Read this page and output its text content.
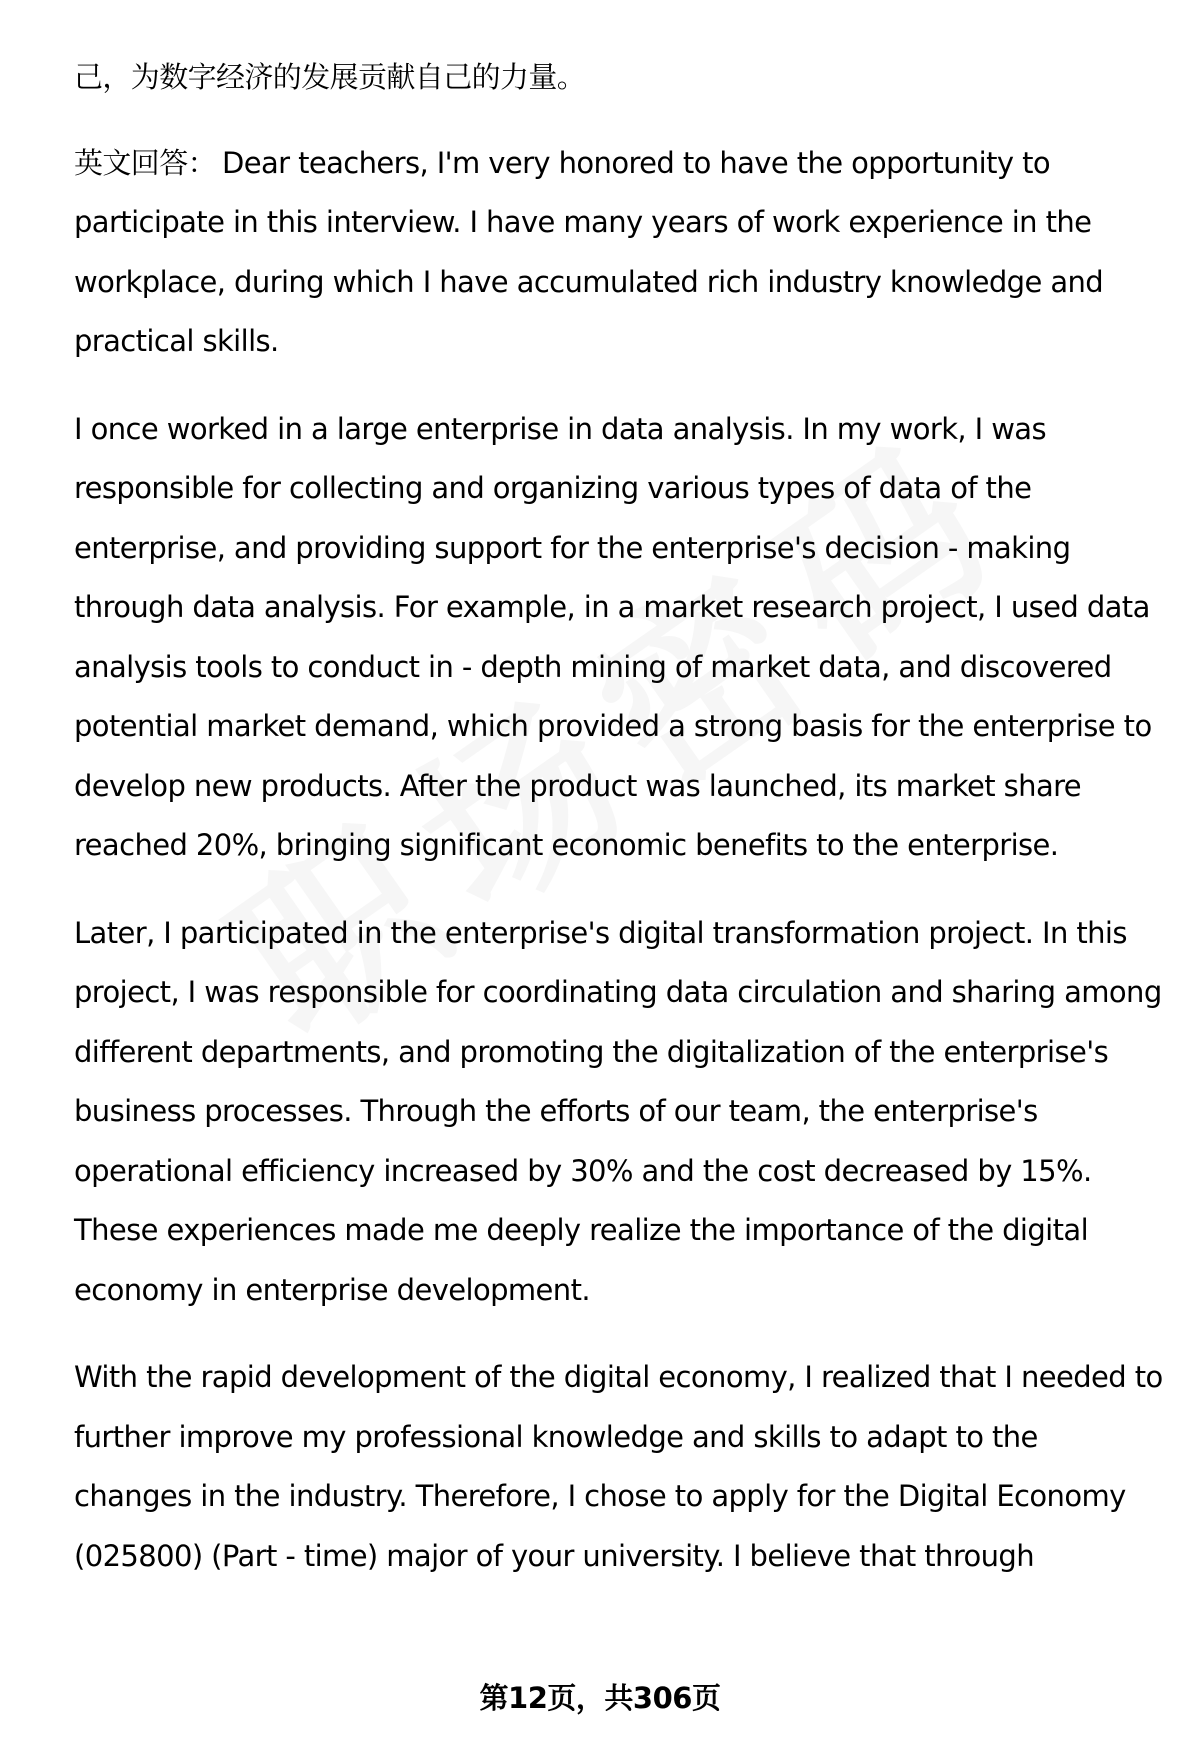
己，为数字经济的发展贡献自己的力量。

英文回答： Dear teachers, I'm very honored to have the opportunity to participate in this interview. I have many years of work experience in the workplace, during which I have accumulated rich industry knowledge and practical skills.

I once worked in a large enterprise in data analysis. In my work, I was responsible for collecting and organizing various types of data of the enterprise, and providing support for the enterprise's decision - making through data analysis. For example, in a market research project, I used data analysis tools to conduct in - depth mining of market data, and discovered potential market demand, which provided a strong basis for the enterprise to develop new products. After the product was launched, its market share reached 20%, bringing significant economic benefits to the enterprise.

Later, I participated in the enterprise's digital transformation project. In this project, I was responsible for coordinating data circulation and sharing among different departments, and promoting the digitalization of the enterprise's business processes. Through the efforts of our team, the enterprise's operational efficiency increased by 30% and the cost decreased by 15%. These experiences made me deeply realize the importance of the digital economy in enterprise development.

With the rapid development of the digital economy, I realized that I needed to further improve my professional knowledge and skills to adapt to the changes in the industry. Therefore, I chose to apply for the Digital Economy (025800) (Part - time) major of your university. I believe that through

第12页，共306页
